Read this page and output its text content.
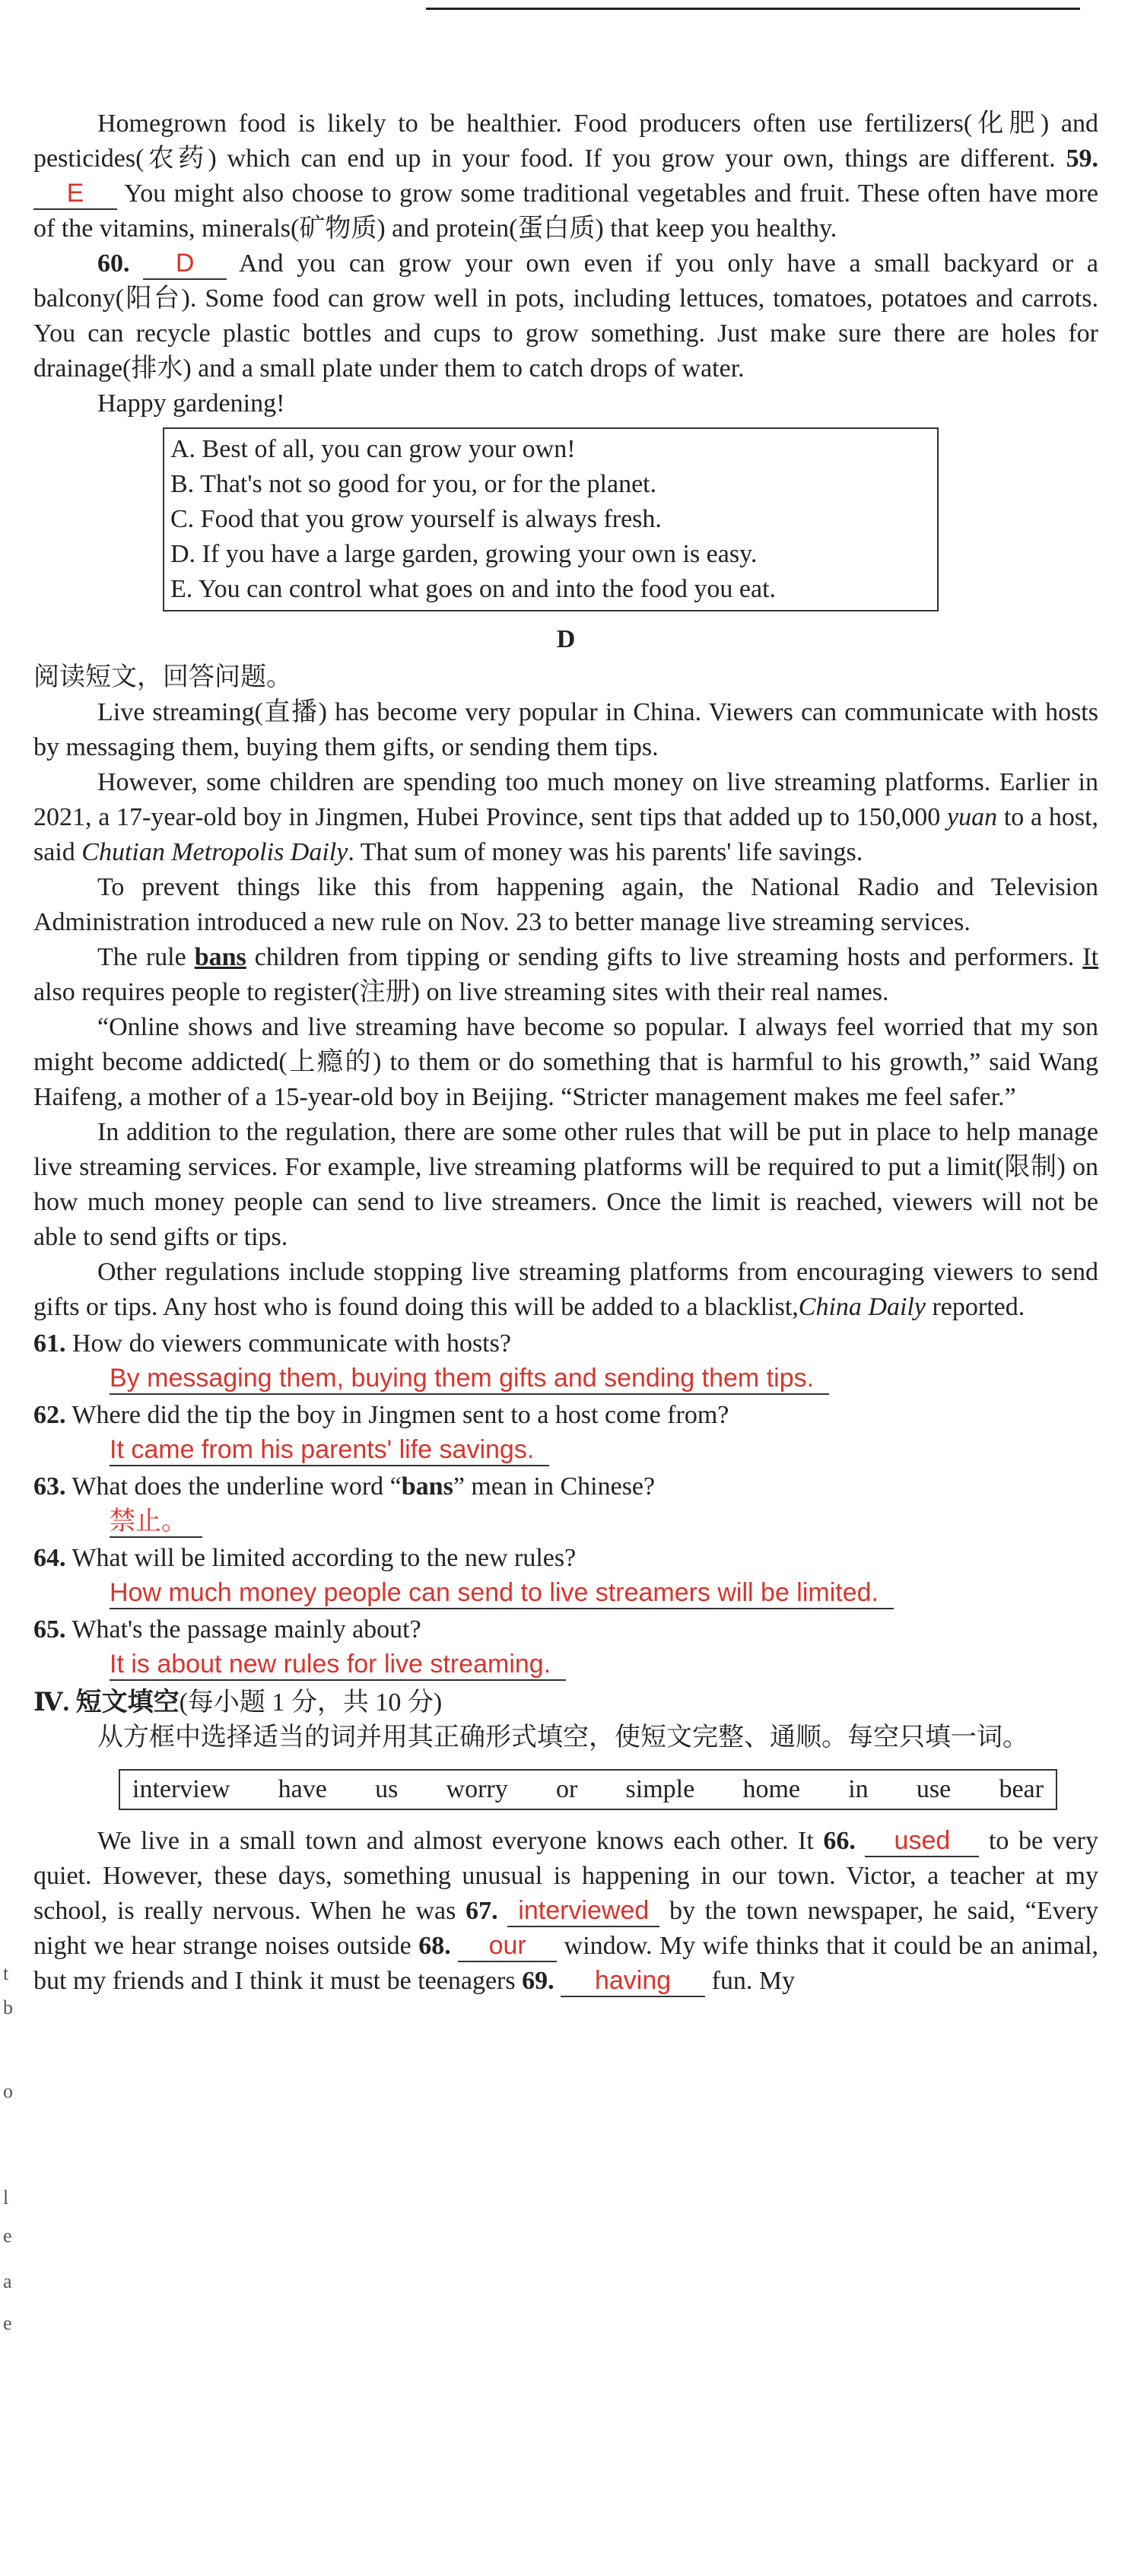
t
b
o
l
e
a
e

Homegrown food is likely to be healthier. Food producers often use fertilizers(化肥) and pesticides(农药) which can end up in your food. If you grow your own, things are different. 59. E You might also choose to grow some traditional vegetables and fruit. These often have more of the vitamins, minerals(矿物质) and protein(蛋白质) that keep you healthy.

60. D And you can grow your own even if you only have a small backyard or a balcony(阳台). Some food can grow well in pots, including lettuces, tomatoes, potatoes and carrots. You can recycle plastic bottles and cups to grow something. Just make sure there are holes for drainage(排水) and a small plate under them to catch drops of water.

Happy gardening!

A. Best of all, you can grow your own!
B. That's not so good for you, or for the planet.
C. Food that you grow yourself is always fresh.
D. If you have a large garden, growing your own is easy.
E. You can control what goes on and into the food you eat.
D

阅读短文，回答问题。

Live streaming(直播) has become very popular in China. Viewers can communicate with hosts by messaging them, buying them gifts, or sending them tips.

However, some children are spending too much money on live streaming platforms. Earlier in 2021, a 17-year-old boy in Jingmen, Hubei Province, sent tips that added up to 150,000 yuan to a host, said Chutian Metropolis Daily. That sum of money was his parents' life savings.

To prevent things like this from happening again, the National Radio and Television Administration introduced a new rule on Nov. 23 to better manage live streaming services.

The rule bans children from tipping or sending gifts to live streaming hosts and performers. It also requires people to register(注册) on live streaming sites with their real names.

“Online shows and live streaming have become so popular. I always feel worried that my son might become addicted(上瘾的) to them or do something that is harmful to his growth,” said Wang Haifeng, a mother of a 15-year-old boy in Beijing. “Stricter management makes me feel safer.”

In addition to the regulation, there are some other rules that will be put in place to help manage live streaming services. For example, live streaming platforms will be required to put a limit(限制) on how much money people can send to live streamers. Once the limit is reached, viewers will not be able to send gifts or tips.

Other regulations include stopping live streaming platforms from encouraging viewers to send gifts or tips. Any host who is found doing this will be added to a blacklist,China Daily reported.

61. How do viewers communicate with hosts?
By messaging them, buying them gifts and sending them tips.
62. Where did the tip the boy in Jingmen sent to a host come from?
It came from his parents' life savings.
63. What does the underline word “bans” mean in Chinese?
禁止。
64. What will be limited according to the new rules?
How much money people can send to live streamers will be limited.
65. What's the passage mainly about?
It is about new rules for live streaming.
Ⅳ. 短文填空(每小题 1 分，共 10 分)

从方框中选择适当的词并用其正确形式填空，使短文完整、通顺。每空只填一词。

interview have us worry or simple home in use bear

We live in a small town and almost everyone knows each other. It 66. used to be very quiet. However, these days, something unusual is happening in our town. Victor, a teacher at my school, is really nervous. When he was 67. interviewed by the town newspaper, he said, “Every night we hear strange noises outside 68. our window. My wife thinks that it could be an animal, but my friends and I think it must be teenagers 69. having fun. My
